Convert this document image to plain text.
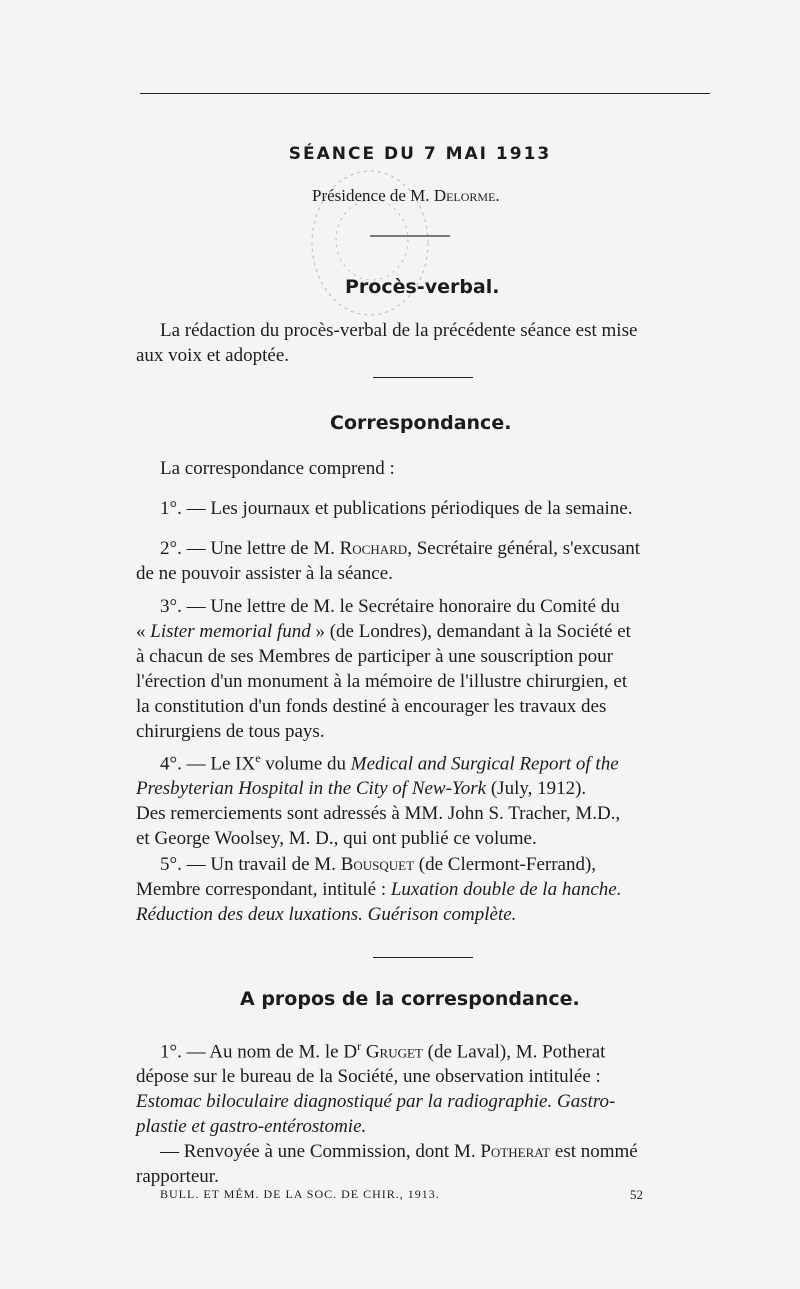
SÉANCE DU 7 MAI 1913
Présidence de M. Delorme.
Procès-verbal.
La rédaction du procès-verbal de la précédente séance est mise
aux voix et adoptée.
Correspondance.
La correspondance comprend :
1°. — Les journaux et publications périodiques de la semaine.
2°. — Une lettre de M. Rochard, Secrétaire général, s'excusant
de ne pouvoir assister à la séance.
3°. — Une lettre de M. le Secrétaire honoraire du Comité du
« Lister memorial fund » (de Londres), demandant à la Société et
à chacun de ses Membres de participer à une souscription pour
l'érection d'un monument à la mémoire de l'illustre chirurgien, et
la constitution d'un fonds destiné à encourager les travaux des
chirurgiens de tous pays.
4°. — Le IXe volume du Medical and Surgical Report of the
Presbyterian Hospital in the City of New-York (July, 1912).
Des remerciements sont adressés à MM. John S. Tracher, M.D.,
et George Woolsey, M. D., qui ont publié ce volume.
5°. — Un travail de M. Bousquet (de Clermont-Ferrand),
Membre correspondant, intitulé : Luxation double de la hanche.
Réduction des deux luxations. Guérison complète.
A propos de la correspondance.
1°. — Au nom de M. le $D^r$ Gruget (de Laval), M. Potherat
dépose sur le bureau de la Société, une observation intitulée :
Estomac biloculaire diagnostiqué par la radiographie. Gastro-
plastie et gastro-entérostomie.
— Renvoyée à une Commission, dont M. Potherat est nommé
rapporteur.
BULL. ET MÉM. DE LA SOC. DE CHIR., 1913.	52
